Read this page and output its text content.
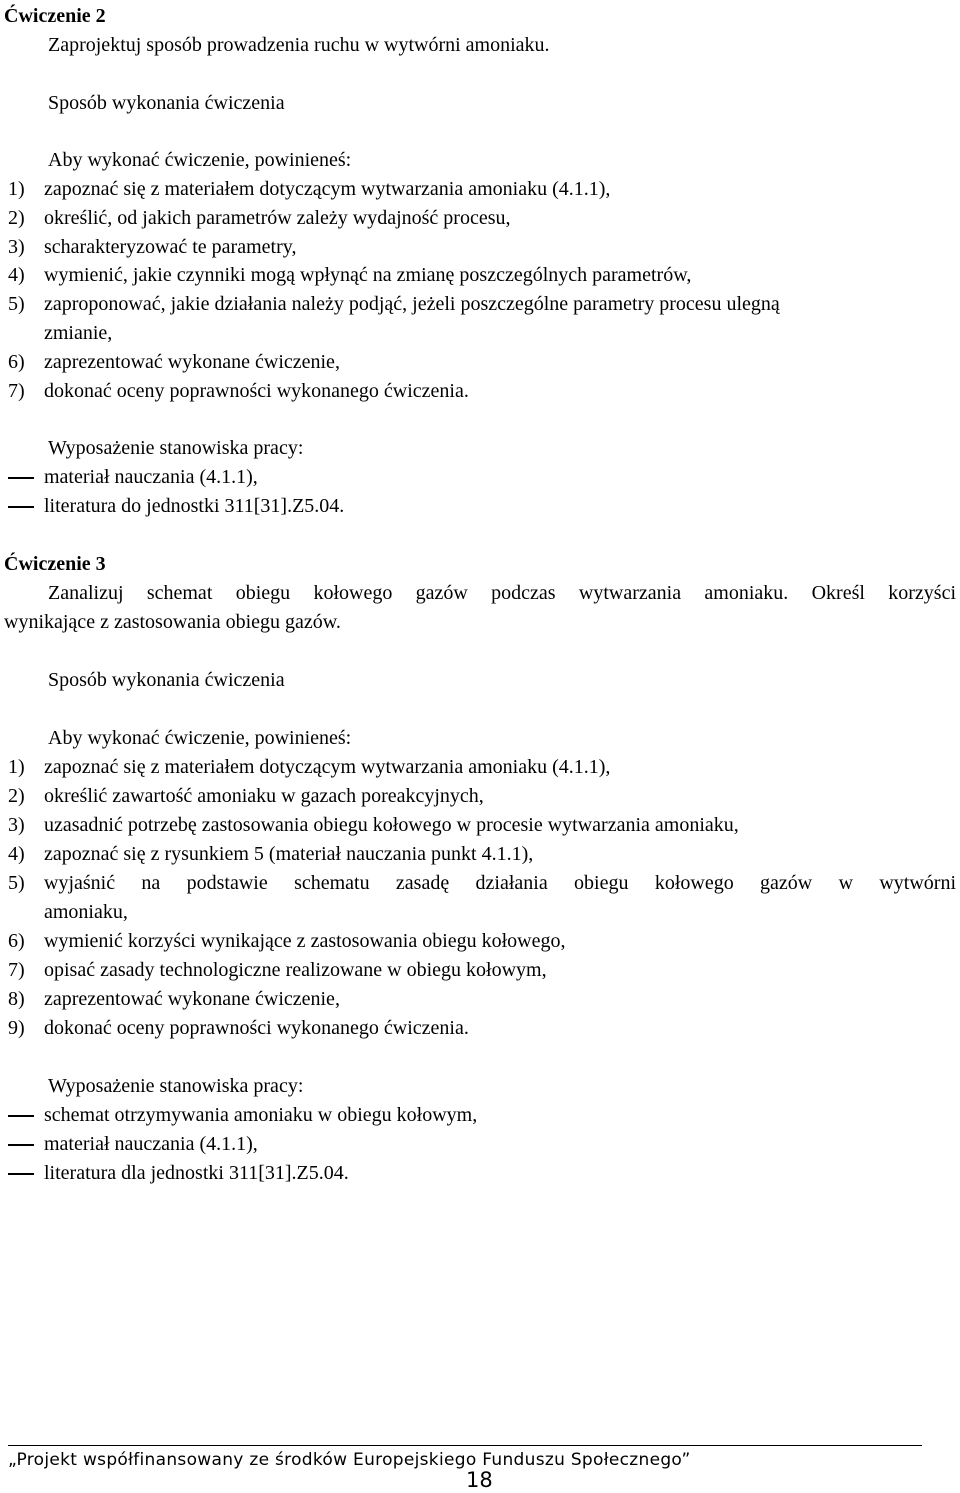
Ćwiczenie 2
Zaprojektuj sposób prowadzenia ruchu w wytwórni amoniaku.
Sposób wykonania ćwiczenia
Aby wykonać ćwiczenie, powinieneś:
1) zapoznać się z materiałem dotyczącym wytwarzania amoniaku (4.1.1),
2) określić, od jakich parametrów zależy wydajność procesu,
3) scharakteryzować te parametry,
4) wymienić, jakie czynniki mogą wpłynąć na zmianę poszczególnych parametrów,
5) zaproponować, jakie działania należy podjąć, jeżeli poszczególne parametry procesu ulegną
zmianie,
6) zaprezentować wykonane ćwiczenie,
7) dokonać oceny poprawności wykonanego ćwiczenia.
Wyposażenie stanowiska pracy:
materiał nauczania (4.1.1),
literatura do jednostki 311[31].Z5.04.
Ćwiczenie 3
Zanalizuj schemat obiegu kołowego gazów podczas wytwarzania amoniaku. Określ korzyści
wynikające z zastosowania obiegu gazów.
Sposób wykonania ćwiczenia
Aby wykonać ćwiczenie, powinieneś:
1) zapoznać się z materiałem dotyczącym wytwarzania amoniaku (4.1.1),
2) określić zawartość amoniaku w gazach poreakcyjnych,
3) uzasadnić potrzebę zastosowania obiegu kołowego w procesie wytwarzania amoniaku,
4) zapoznać się z rysunkiem 5 (materiał nauczania punkt 4.1.1),
5) wyjaśnić na podstawie schematu zasadę działania obiegu kołowego gazów w wytwórni
amoniaku,
6) wymienić korzyści wynikające z zastosowania obiegu kołowego,
7) opisać zasady technologiczne realizowane w obiegu kołowym,
8) zaprezentować wykonane ćwiczenie,
9) dokonać oceny poprawności wykonanego ćwiczenia.
Wyposażenie stanowiska pracy:
schemat otrzymywania amoniaku w obiegu kołowym,
materiał nauczania (4.1.1),
literatura dla jednostki 311[31].Z5.04.
„Projekt współfinansowany ze środków Europejskiego Funduszu Społecznego”
18
